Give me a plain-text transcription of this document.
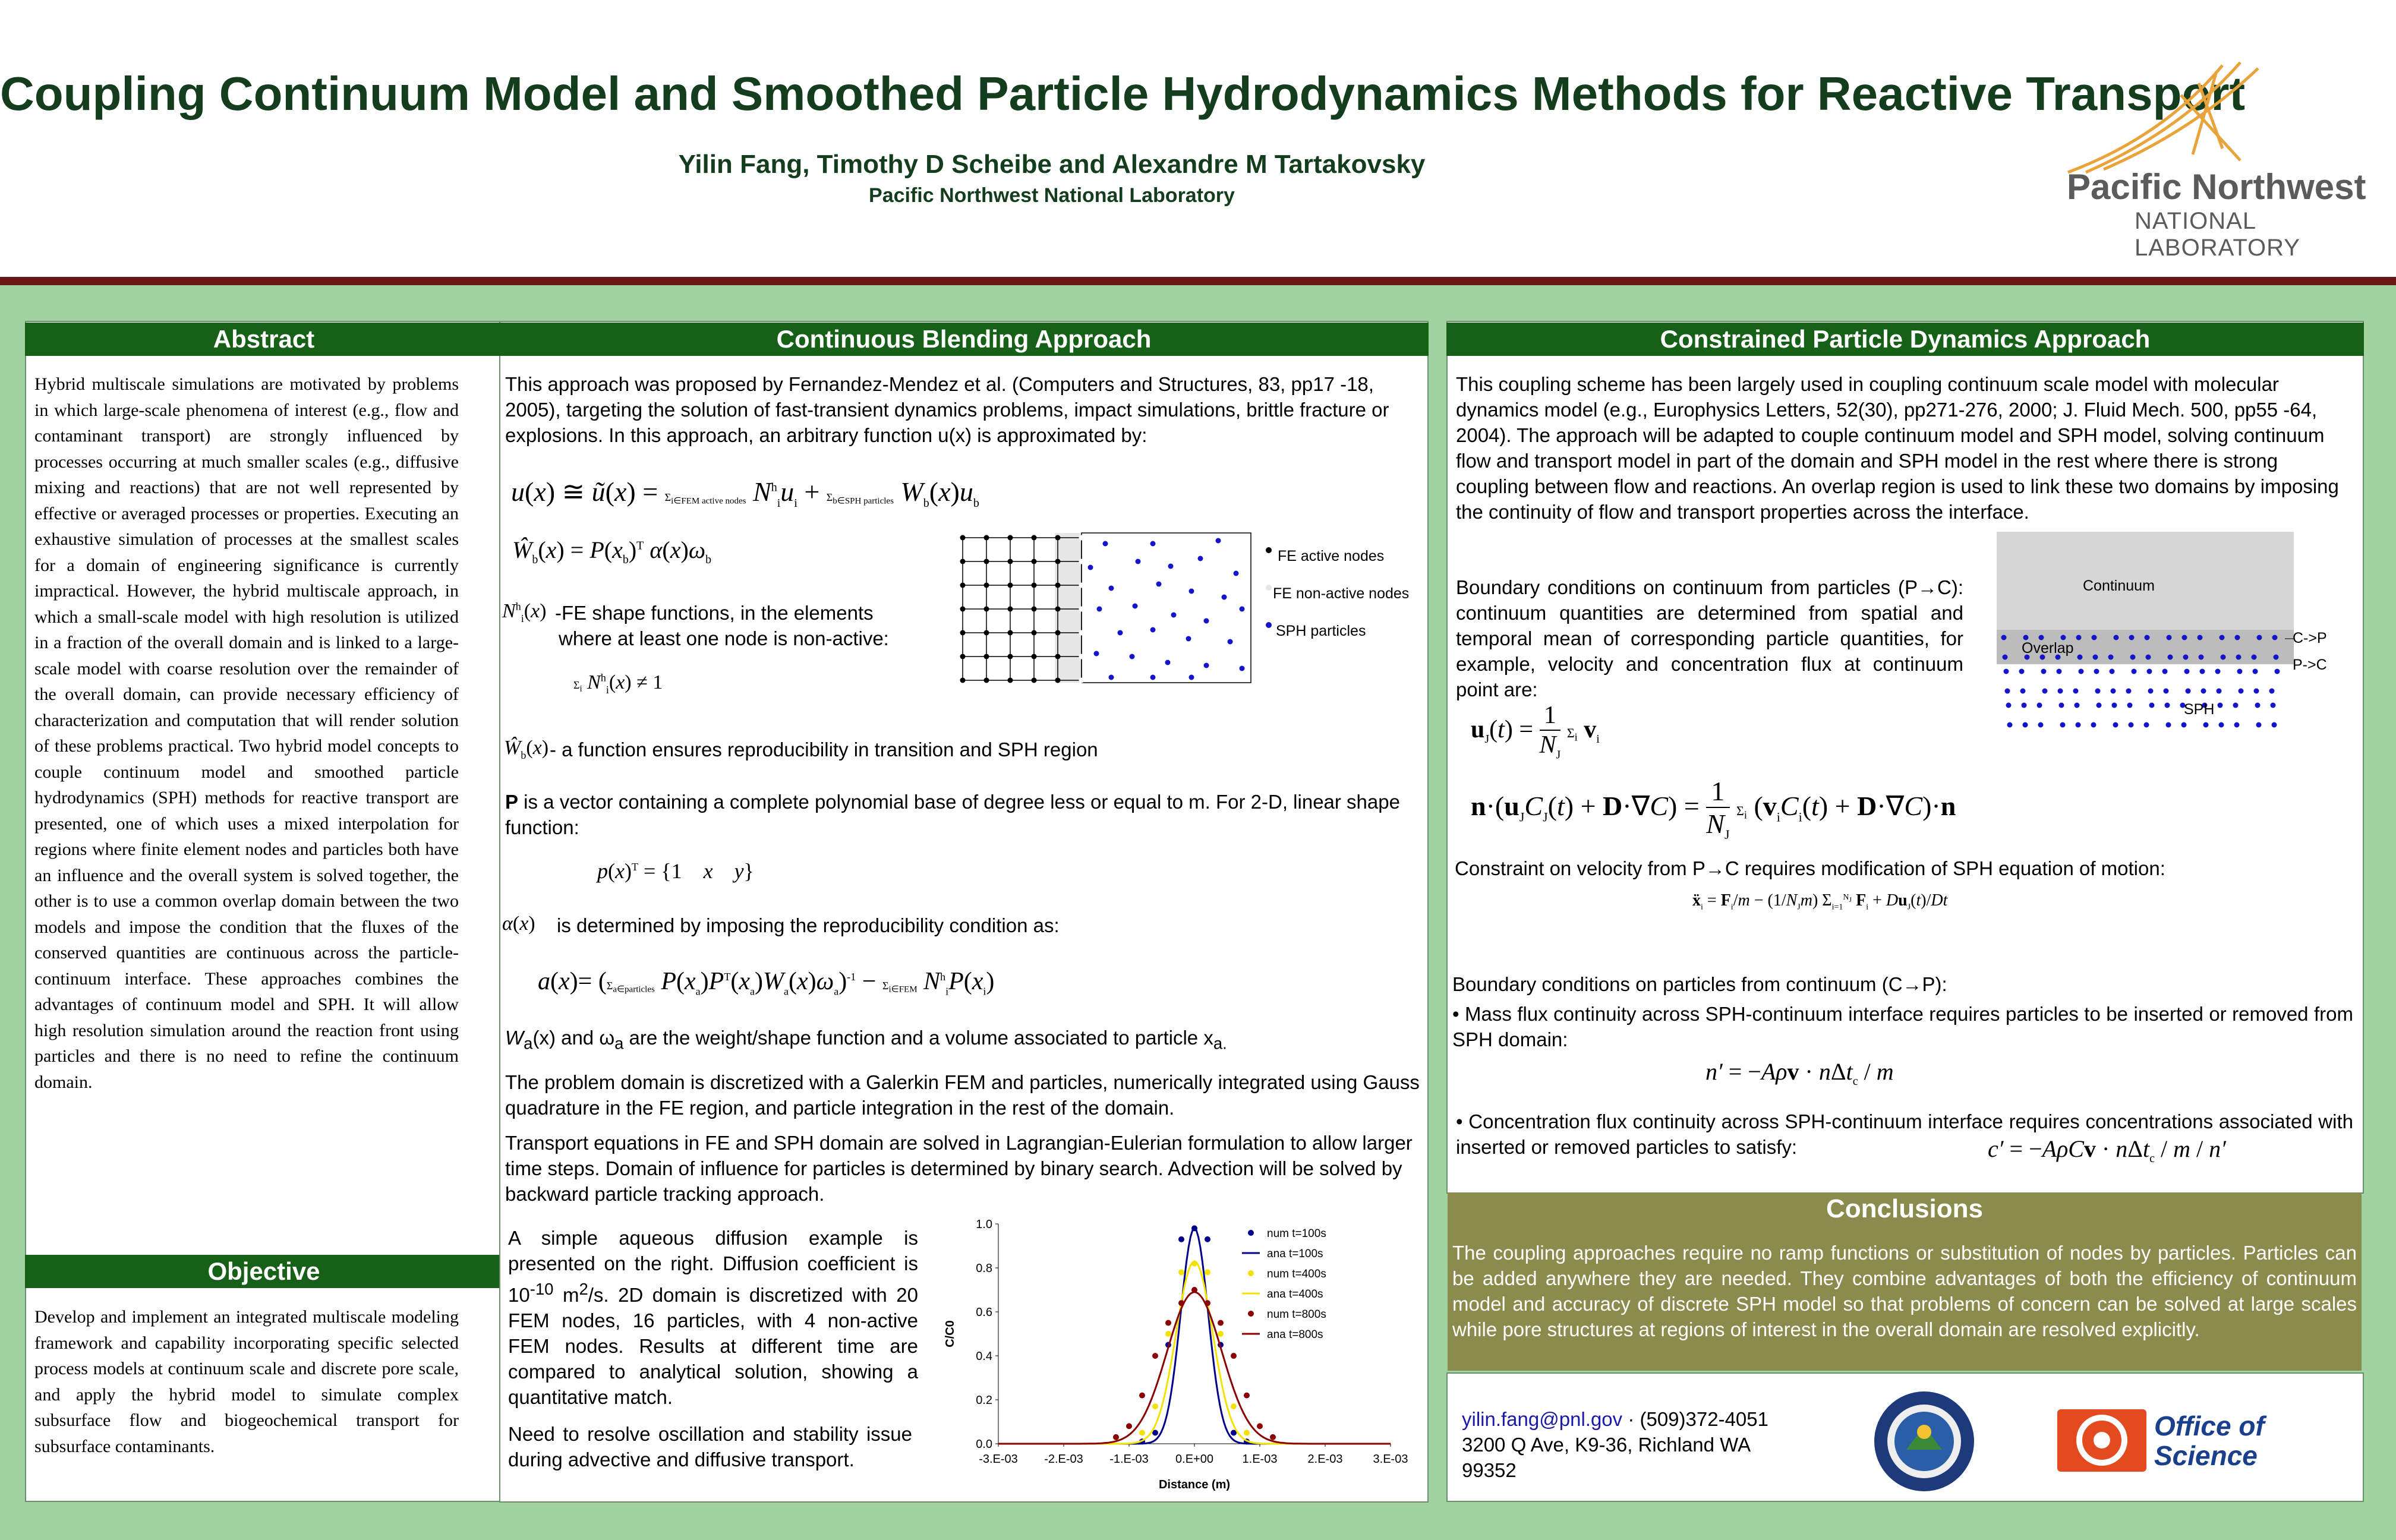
Coupling Continuum Model and Smoothed Particle Hydrodynamics Methods for Reactive Transport
Yilin Fang, Timothy D Scheibe and Alexandre M Tartakovsky
Pacific Northwest National Laboratory	Pacific Northwest
NATIONAL LABORATORY
Abstract
Hybrid multiscale simulations are motivated by problems in which large-scale phenomena of interest (e.g., flow and contaminant transport) are strongly influenced by processes occurring at much smaller scales (e.g., diffusive mixing and reactions) that are not well represented by effective or averaged processes or properties. Executing an exhaustive simulation of processes at the smallest scales for a domain of engineering significance is currently impractical. However, the hybrid multiscale approach, in which a small-scale model with high resolution is utilized in a fraction of the overall domain and is linked to a large-scale model with coarse resolution over the remainder of the overall domain, can provide necessary efficiency of characterization and computation that will render solution of these problems practical. Two hybrid model concepts to couple continuum model and smoothed particle hydrodynamics (SPH) methods for reactive transport are presented, one of which uses a mixed interpolation for regions where finite element nodes and particles both have an influence and the overall system is solved together, the other is to use a common overlap domain between the two models and impose the condition that the fluxes of the conserved quantities are continuous across the particle-continuum interface. These approaches combines the advantages of continuum model and SPH. It will allow high resolution simulation around the reaction front using particles and there is no need to refine the continuum domain.
Objective
Develop and implement an integrated multiscale modeling framework and capability incorporating specific selected process models at continuum scale and discrete pore scale, and apply the hybrid model to simulate complex subsurface flow and biogeochemical transport for subsurface contaminants.
Continuous Blending Approach
This approach was proposed by Fernandez-Mendez et al. (Computers and Structures, 83, pp17 -18, 2005), targeting the solution of fast-transient dynamics problems, impact simulations, brittle fracture or explosions. In this approach, an arbitrary function u(x) is approximated by:
u(x) ≅ ũ(x) = $\Sigma_{i\in FEM active nodes}$ $N^h_iu_i + \Sigma_{b\in SPH particles}$ $W_b(x)u_b$
$Ŵ_b(x) = P(x_b)^T$ $\alpha(x)\omega_b$
$N^h_i(x)$ -FE shape functions, in the elements
where at least one node is non-active:
$\Sigma_i$ $N^h_i(x) \ne 1$
FE active nodes
FE non-active nodes
SPH particles
$Ŵ_b(x)$ - a function ensures reproducibility in transition and SPH region
P is a vector containing a complete polynomial base of degree less or equal to m. For 2-D, linear shape function:
$p(x)^T = \{1$    x y}
α(x) is determined by imposing the reproducibility condition as:
$a(x)= (\Sigma_{a\in particles}$ $P(x_a)P^T(x_a)W_a(x)\omega_a)^{-1} - \Sigma_{i\in FEM}$ $N^h_iP(x_i)$
$W_a(x)$ and $\omega_a$ are the weight/shape function and a volume associated to particle $x_{a.}$
The problem domain is discretized with a Galerkin FEM and particles, numerically integrated using Gauss quadrature in the FE region, and particle integration in the rest of the domain.
Transport equations in FE and SPH domain are solved in Lagrangian-Eulerian formulation to allow larger time steps. Domain of influence for particles is determined by binary search. Advection will be solved by backward particle tracking approach.
A simple aqueous diffusion example is presented on the right. Diffusion coefficient is $10^{-10}$ $m^2/s$. 2D domain is discretized with 20 FEM nodes, 16 particles, with 4 non-active FEM nodes. Results at different time are compared to analytical solution, showing a quantitative match.
Need to resolve oscillation and stability issue during advective and diffusive transport.
0.0
0.2
0.4
0.6
0.8
1.0
-3.E-03 -2.E-03 -1.E-03 0.E+00 1.E-03	2.E-03	3.E-03
Distance (m)
C/C0
num t=100s
ana t=100s
num t=400s
ana t=400s
num t=800s
ana t=800s
Constrained Particle Dynamics Approach
This coupling scheme has been largely used in coupling continuum scale model with molecular dynamics model (e.g., Europhysics Letters, 52(30), pp271-276, 2000; J. Fluid Mech. 500, pp55 -64, 2004). The approach will be adapted to couple continuum model and SPH model, solving continuum flow and transport model in part of the domain and SPH model in the rest where there is strong coupling between flow and reactions. An overlap region is used to link these two domains by imposing the continuity of flow and transport properties across the interface.
Continuum
Overlap
SPH
C->P
P->C
Boundary conditions on continuum from particles (P→C): continuum quantities are determined from spatial and temporal mean of corresponding particle quantities, for example, velocity and concentration flux at continuum point are:
$u_J(t) = \frac{1}{N_J} \Sigma_i$ $v_i$
$n\cdot(u_JC_J(t) + D\cdot\nabla C) = \frac{1}{N_J} \Sigma_i$ $(v_iC_i(t) + D\cdot\nabla C)\cdot n$
Constraint on velocity from P→C requires modification of SPH equation of motion:
ẍ$_i$ = $F_i/m - (1/N_Jm)$ $\Sigma_{i=1}^{N_J}$ $F_i + Du_J(t)/Dt$
Boundary conditions on particles from continuum (C→P):
• Mass flux continuity across SPH-continuum interface requires particles to be inserted or removed from SPH domain:
n′ = −Aρv · nΔt$_c$ / m
• Concentration flux continuity across SPH-continuum interface requires concentrations associated with inserted or removed particles to satisfy:	c′ = −AρCv · nΔt$_c$ / m / n′
Conclusions
The coupling approaches require no ramp functions or substitution of nodes by particles. Particles can be added anywhere they are needed. They combine advantages of both the efficiency of continuum model and accuracy of discrete SPH model so that problems of concern can be solved at large scales while pore structures at regions of interest in the overall domain are resolved explicitly.
yilin.fang@pnl.gov · (509)372-4051
3200 Q Ave, K9-36, Richland WA 99352
Office of
Science
